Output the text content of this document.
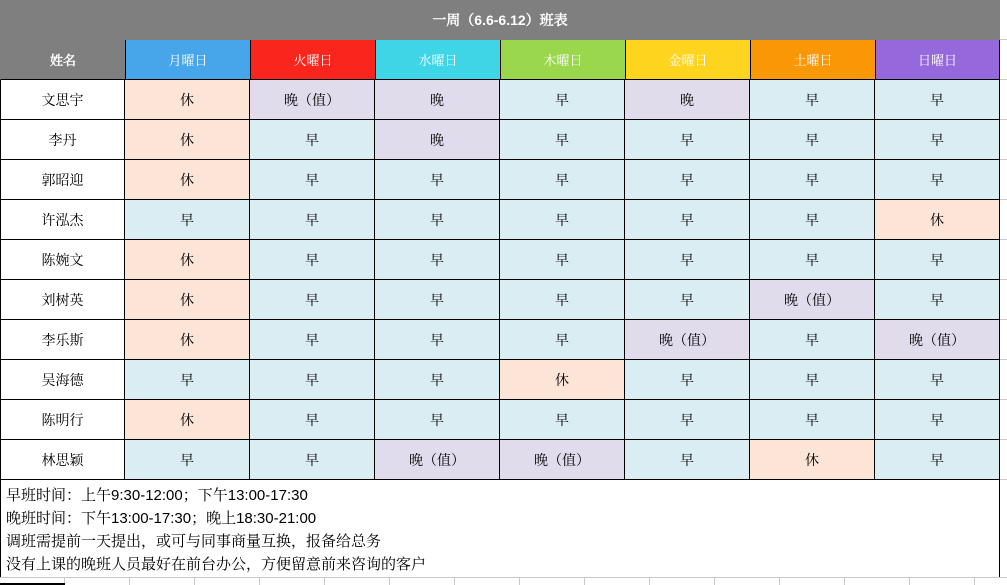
一周（6.6-6.12）班表
姓名	月曜日	火曜日	水曜日	木曜日	金曜日	土曜日	日曜日
文思宇	休	晚（值）	晚	早	晚	早	早
李丹	休	早	晚	早	早	早	早
郭昭迎	休	早	早	早	早	早	早
许泓杰	早	早	早	早	早	早	休
陈婉文	休	早	早	早	早	早	早
刘树英	休	早	早	早	早	晚（值）	早
李乐斯	休	早	早	早	晚（值）	早	晚（值）
吴海德	早	早	早	休	早	早	早
陈明行	休	早	早	早	早	早	早
林思颖	早	早	晚（值）	晚（值）	早	休	早
早班时间：上午9:30-12:00；下午13:00-17:30
晚班时间：下午13:00-17:30；晚上18:30-21:00
调班需提前一天提出，或可与同事商量互换，报备给总务
没有上课的晚班人员最好在前台办公，方便留意前来咨询的客户
